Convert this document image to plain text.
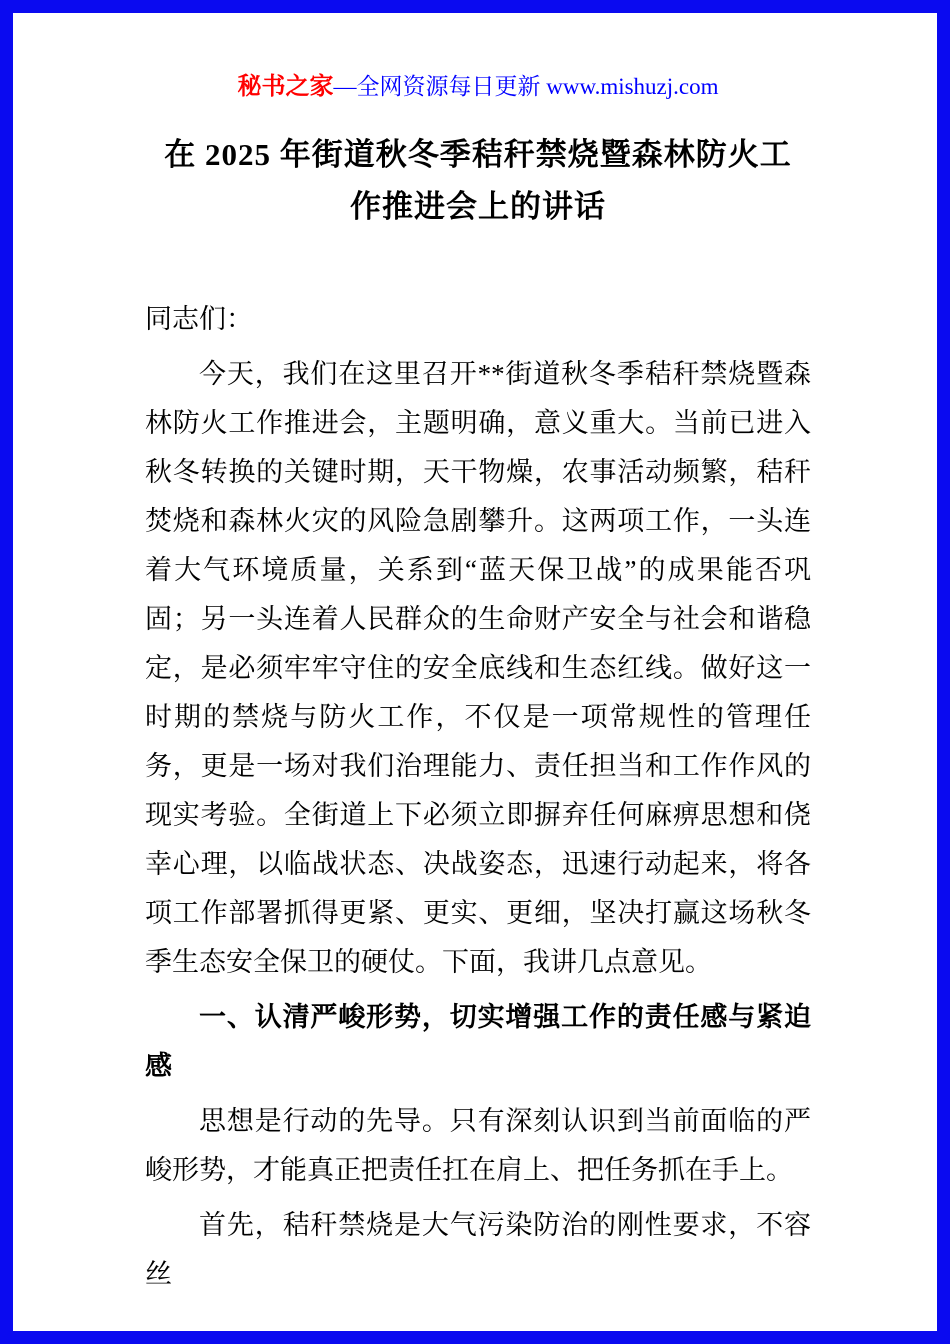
秘书之家—全网资源每日更新 www.mishuzj.com
在 2025 年街道秋冬季秸秆禁烧暨森林防火工作推进会上的讲话

同志们：

今天，我们在这里召开**街道秋冬季秸秆禁烧暨森林防火工作推进会，主题明确，意义重大。当前已进入秋冬转换的关键时期，天干物燥，农事活动频繁，秸秆焚烧和森林火灾的风险急剧攀升。这两项工作，一头连着大气环境质量，关系到“蓝天保卫战”的成果能否巩固；另一头连着人民群众的生命财产安全与社会和谐稳定，是必须牢牢守住的安全底线和生态红线。做好这一时期的禁烧与防火工作，不仅是一项常规性的管理任务，更是一场对我们治理能力、责任担当和工作作风的现实考验。全街道上下必须立即摒弃任何麻痹思想和侥幸心理，以临战状态、决战姿态，迅速行动起来，将各项工作部署抓得更紧、更实、更细，坚决打赢这场秋冬季生态安全保卫的硬仗。下面，我讲几点意见。

一、认清严峻形势，切实增强工作的责任感与紧迫感

思想是行动的先导。只有深刻认识到当前面临的严峻形势，才能真正把责任扛在肩上、把任务抓在手上。

首先，秸秆禁烧是大气污染防治的刚性要求，不容丝
